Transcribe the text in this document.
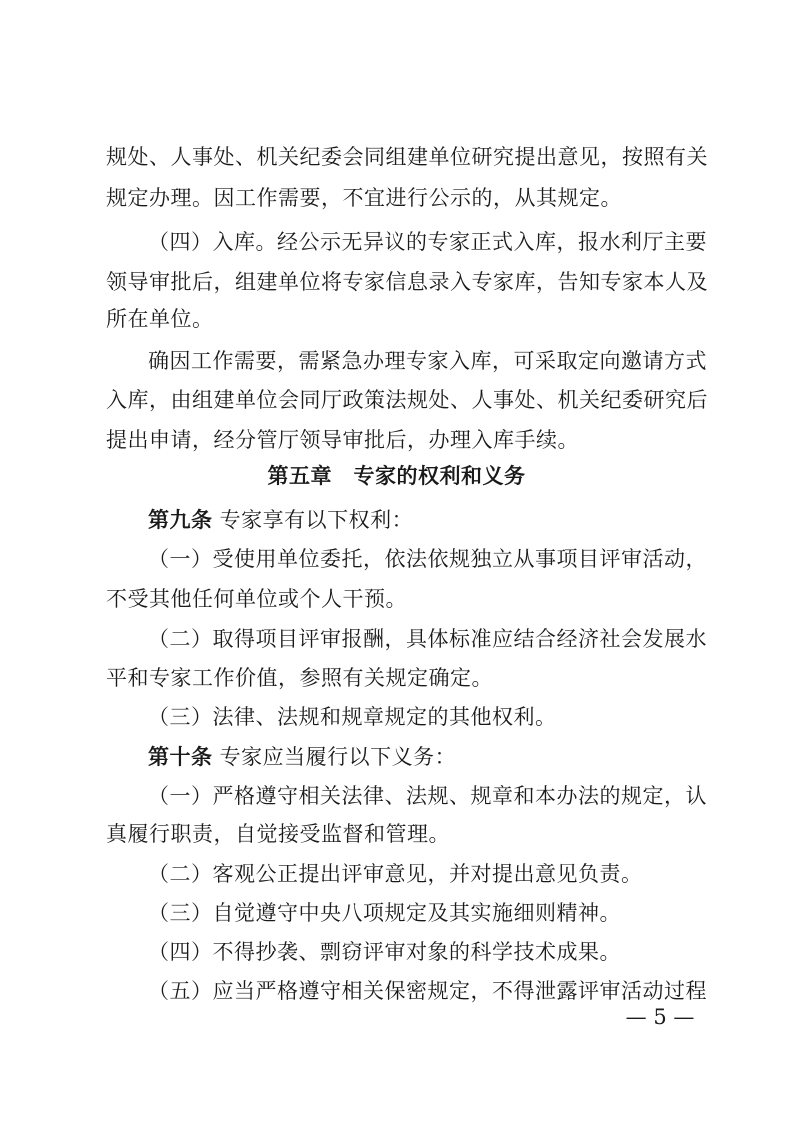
规处、人事处、机关纪委会同组建单位研究提出意见，按照有关
规定办理。因工作需要，不宜进行公示的，从其规定。
（四）入库。经公示无异议的专家正式入库，报水利厅主要
领导审批后，组建单位将专家信息录入专家库，告知专家本人及
所在单位。
确因工作需要，需紧急办理专家入库，可采取定向邀请方式
入库，由组建单位会同厅政策法规处、人事处、机关纪委研究后
提出申请，经分管厅领导审批后，办理入库手续。
第五章　专家的权利和义务
第九条 专家享有以下权利：
（一）受使用单位委托，依法依规独立从事项目评审活动，
不受其他任何单位或个人干预。
（二）取得项目评审报酬，具体标准应结合经济社会发展水
平和专家工作价值，参照有关规定确定。
（三）法律、法规和规章规定的其他权利。
第十条 专家应当履行以下义务：
（一）严格遵守相关法律、法规、规章和本办法的规定，认
真履行职责，自觉接受监督和管理。
（二）客观公正提出评审意见，并对提出意见负责。
（三）自觉遵守中央八项规定及其实施细则精神。
（四）不得抄袭、剽窃评审对象的科学技术成果。
（五）应当严格遵守相关保密规定，不得泄露评审活动过程
— 5 —
